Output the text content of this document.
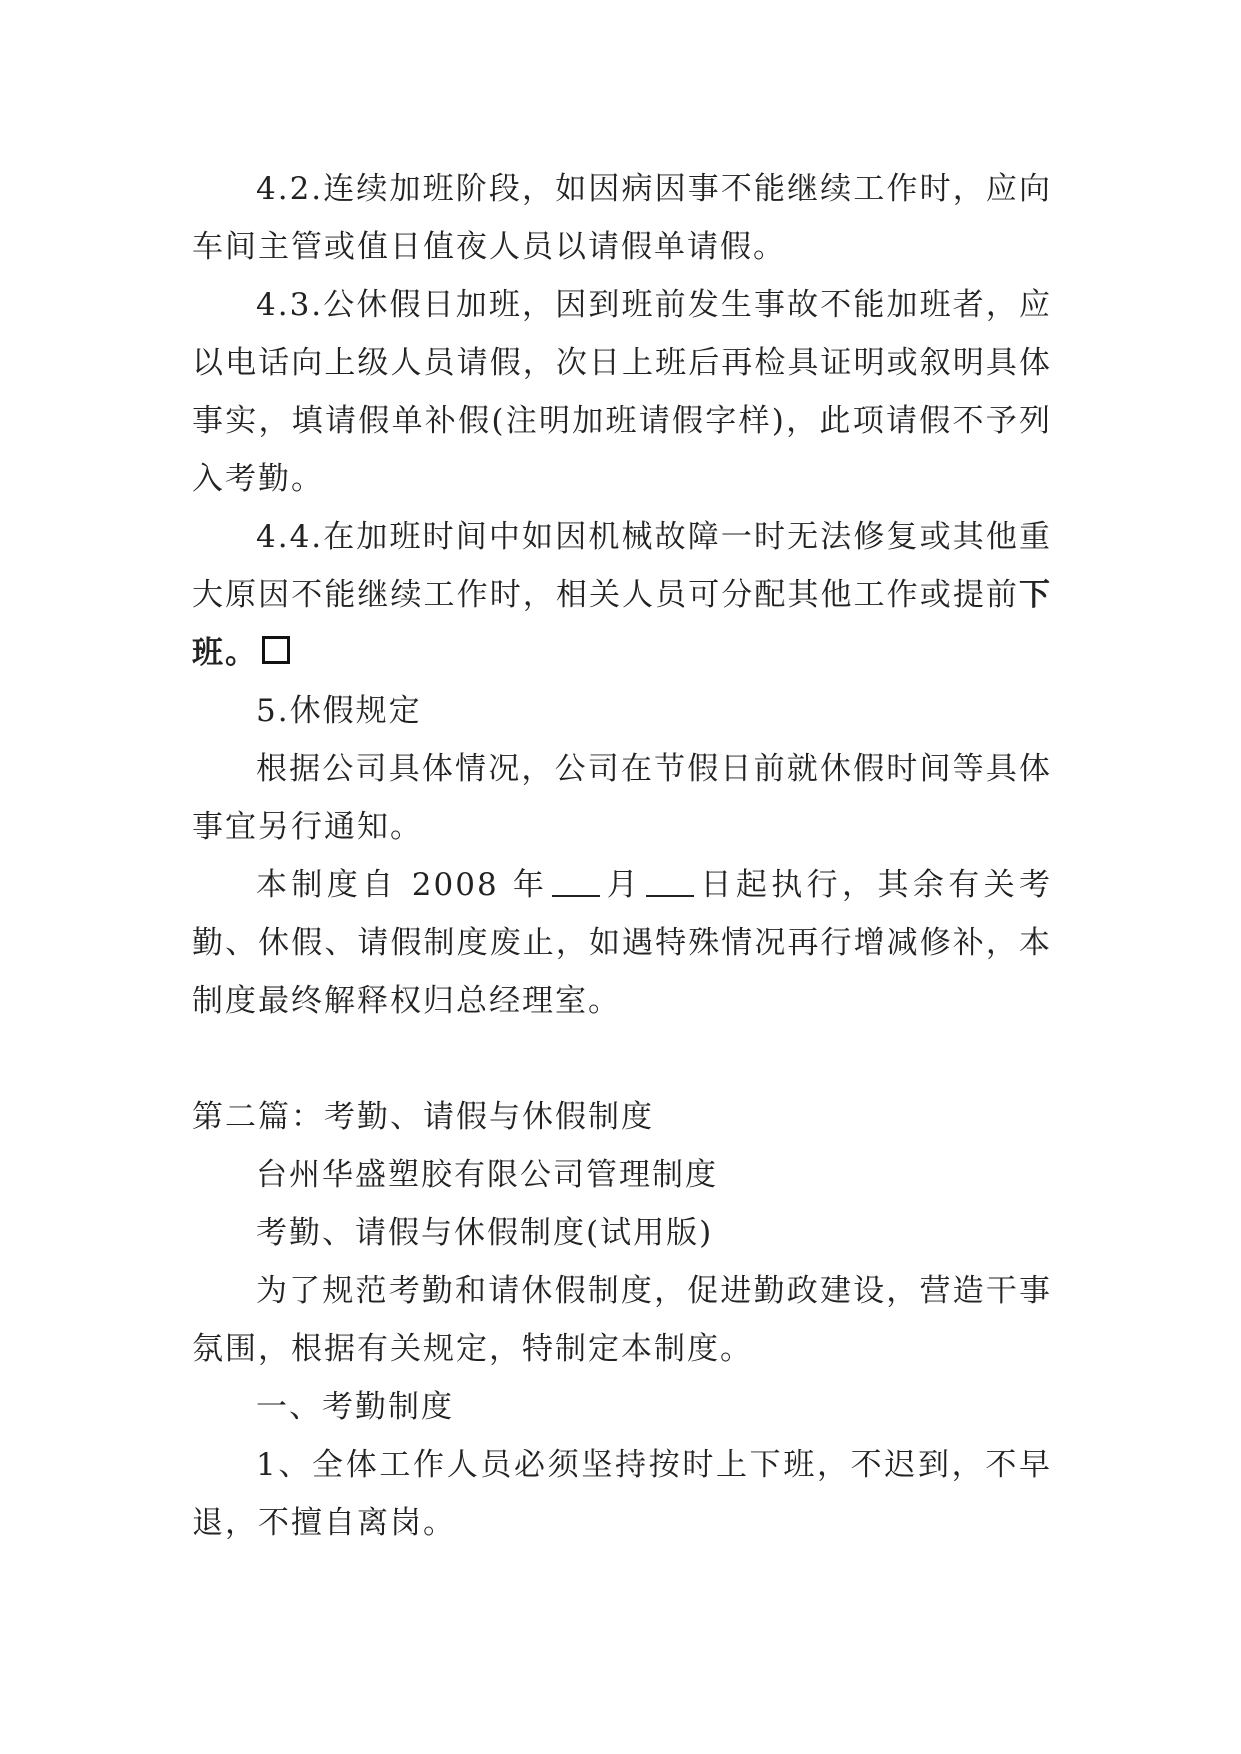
4.2.连续加班阶段，如因病因事不能继续工作时，应向车间主管或值日值夜人员以请假单请假。

4.3.公休假日加班，因到班前发生事故不能加班者，应以电话向上级人员请假，次日上班后再检具证明或叙明具体事实，填请假单补假(注明加班请假字样)，此项请假不予列入考勤。

4.4.在加班时间中如因机械故障一时无法修复或其他重大原因不能继续工作时，相关人员可分配其他工作或提前下班。

5.休假规定

根据公司具体情况，公司在节假日前就休假时间等具体事宜另行通知。

本制度自 2008 年 月 日起执行，其余有关考勤、休假、请假制度废止，如遇特殊情况再行增减修补，本制度最终解释权归总经理室。

第二篇：考勤、请假与休假制度

台州华盛塑胶有限公司管理制度

考勤、请假与休假制度(试用版)

为了规范考勤和请休假制度，促进勤政建设，营造干事氛围，根据有关规定，特制定本制度。

一、考勤制度

1、全体工作人员必须坚持按时上下班，不迟到，不早退，不擅自离岗。
